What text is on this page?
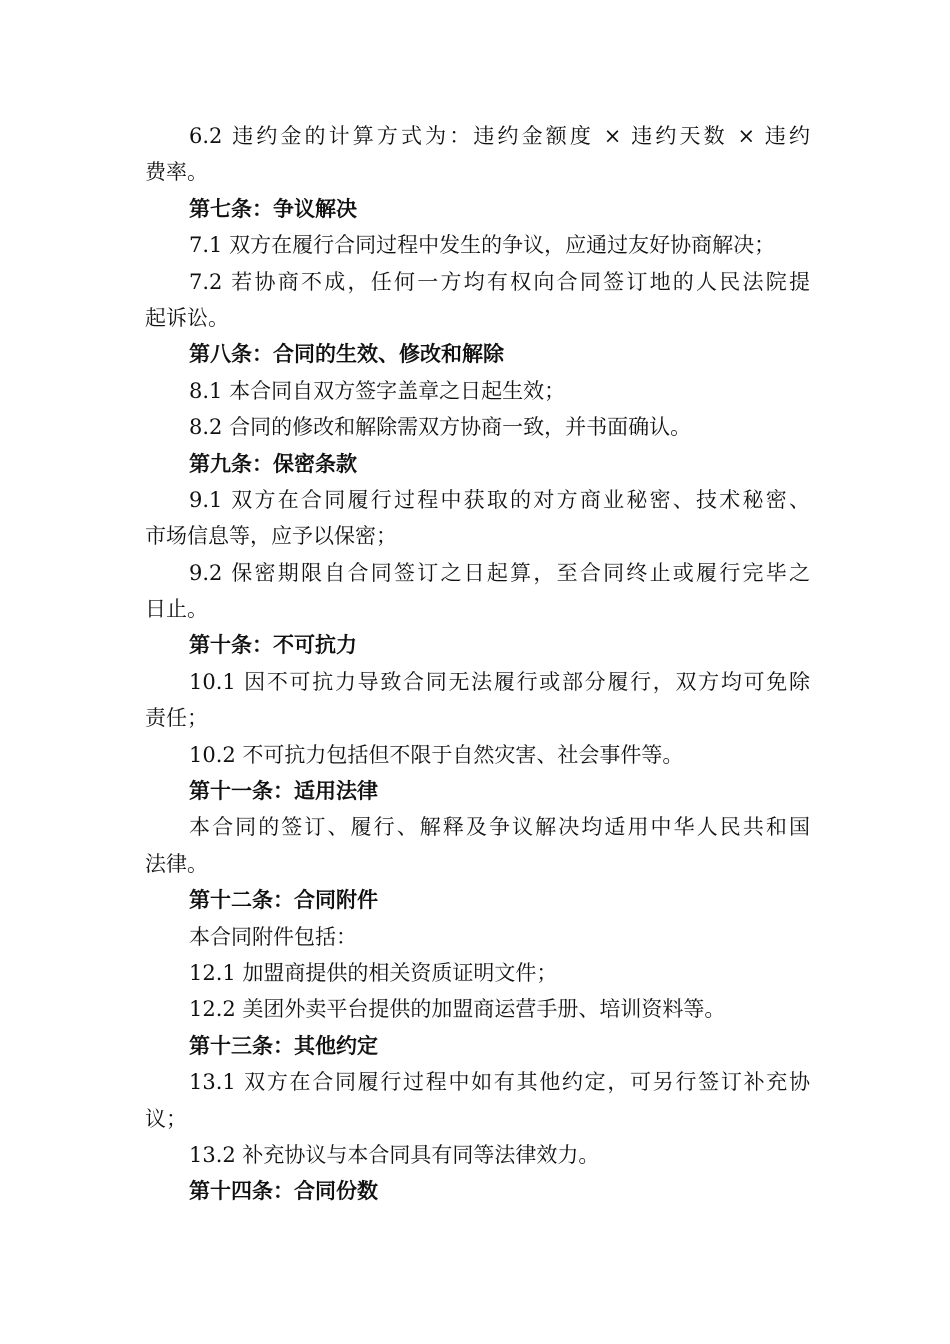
6.2 违约金的计算方式为：违约金额度 × 违约天数 × 违约
费率。
第七条：争议解决
7.1 双方在履行合同过程中发生的争议，应通过友好协商解决；
7.2 若协商不成，任何一方均有权向合同签订地的人民法院提
起诉讼。
第八条：合同的生效、修改和解除
8.1 本合同自双方签字盖章之日起生效；
8.2 合同的修改和解除需双方协商一致，并书面确认。
第九条：保密条款
9.1 双方在合同履行过程中获取的对方商业秘密、技术秘密、
市场信息等，应予以保密；
9.2 保密期限自合同签订之日起算，至合同终止或履行完毕之
日止。
第十条：不可抗力
10.1 因不可抗力导致合同无法履行或部分履行，双方均可免除
责任；
10.2 不可抗力包括但不限于自然灾害、社会事件等。
第十一条：适用法律
本合同的签订、履行、解释及争议解决均适用中华人民共和国
法律。
第十二条：合同附件
本合同附件包括：
12.1 加盟商提供的相关资质证明文件；
12.2 美团外卖平台提供的加盟商运营手册、培训资料等。
第十三条：其他约定
13.1 双方在合同履行过程中如有其他约定，可另行签订补充协
议；
13.2 补充协议与本合同具有同等法律效力。
第十四条：合同份数
